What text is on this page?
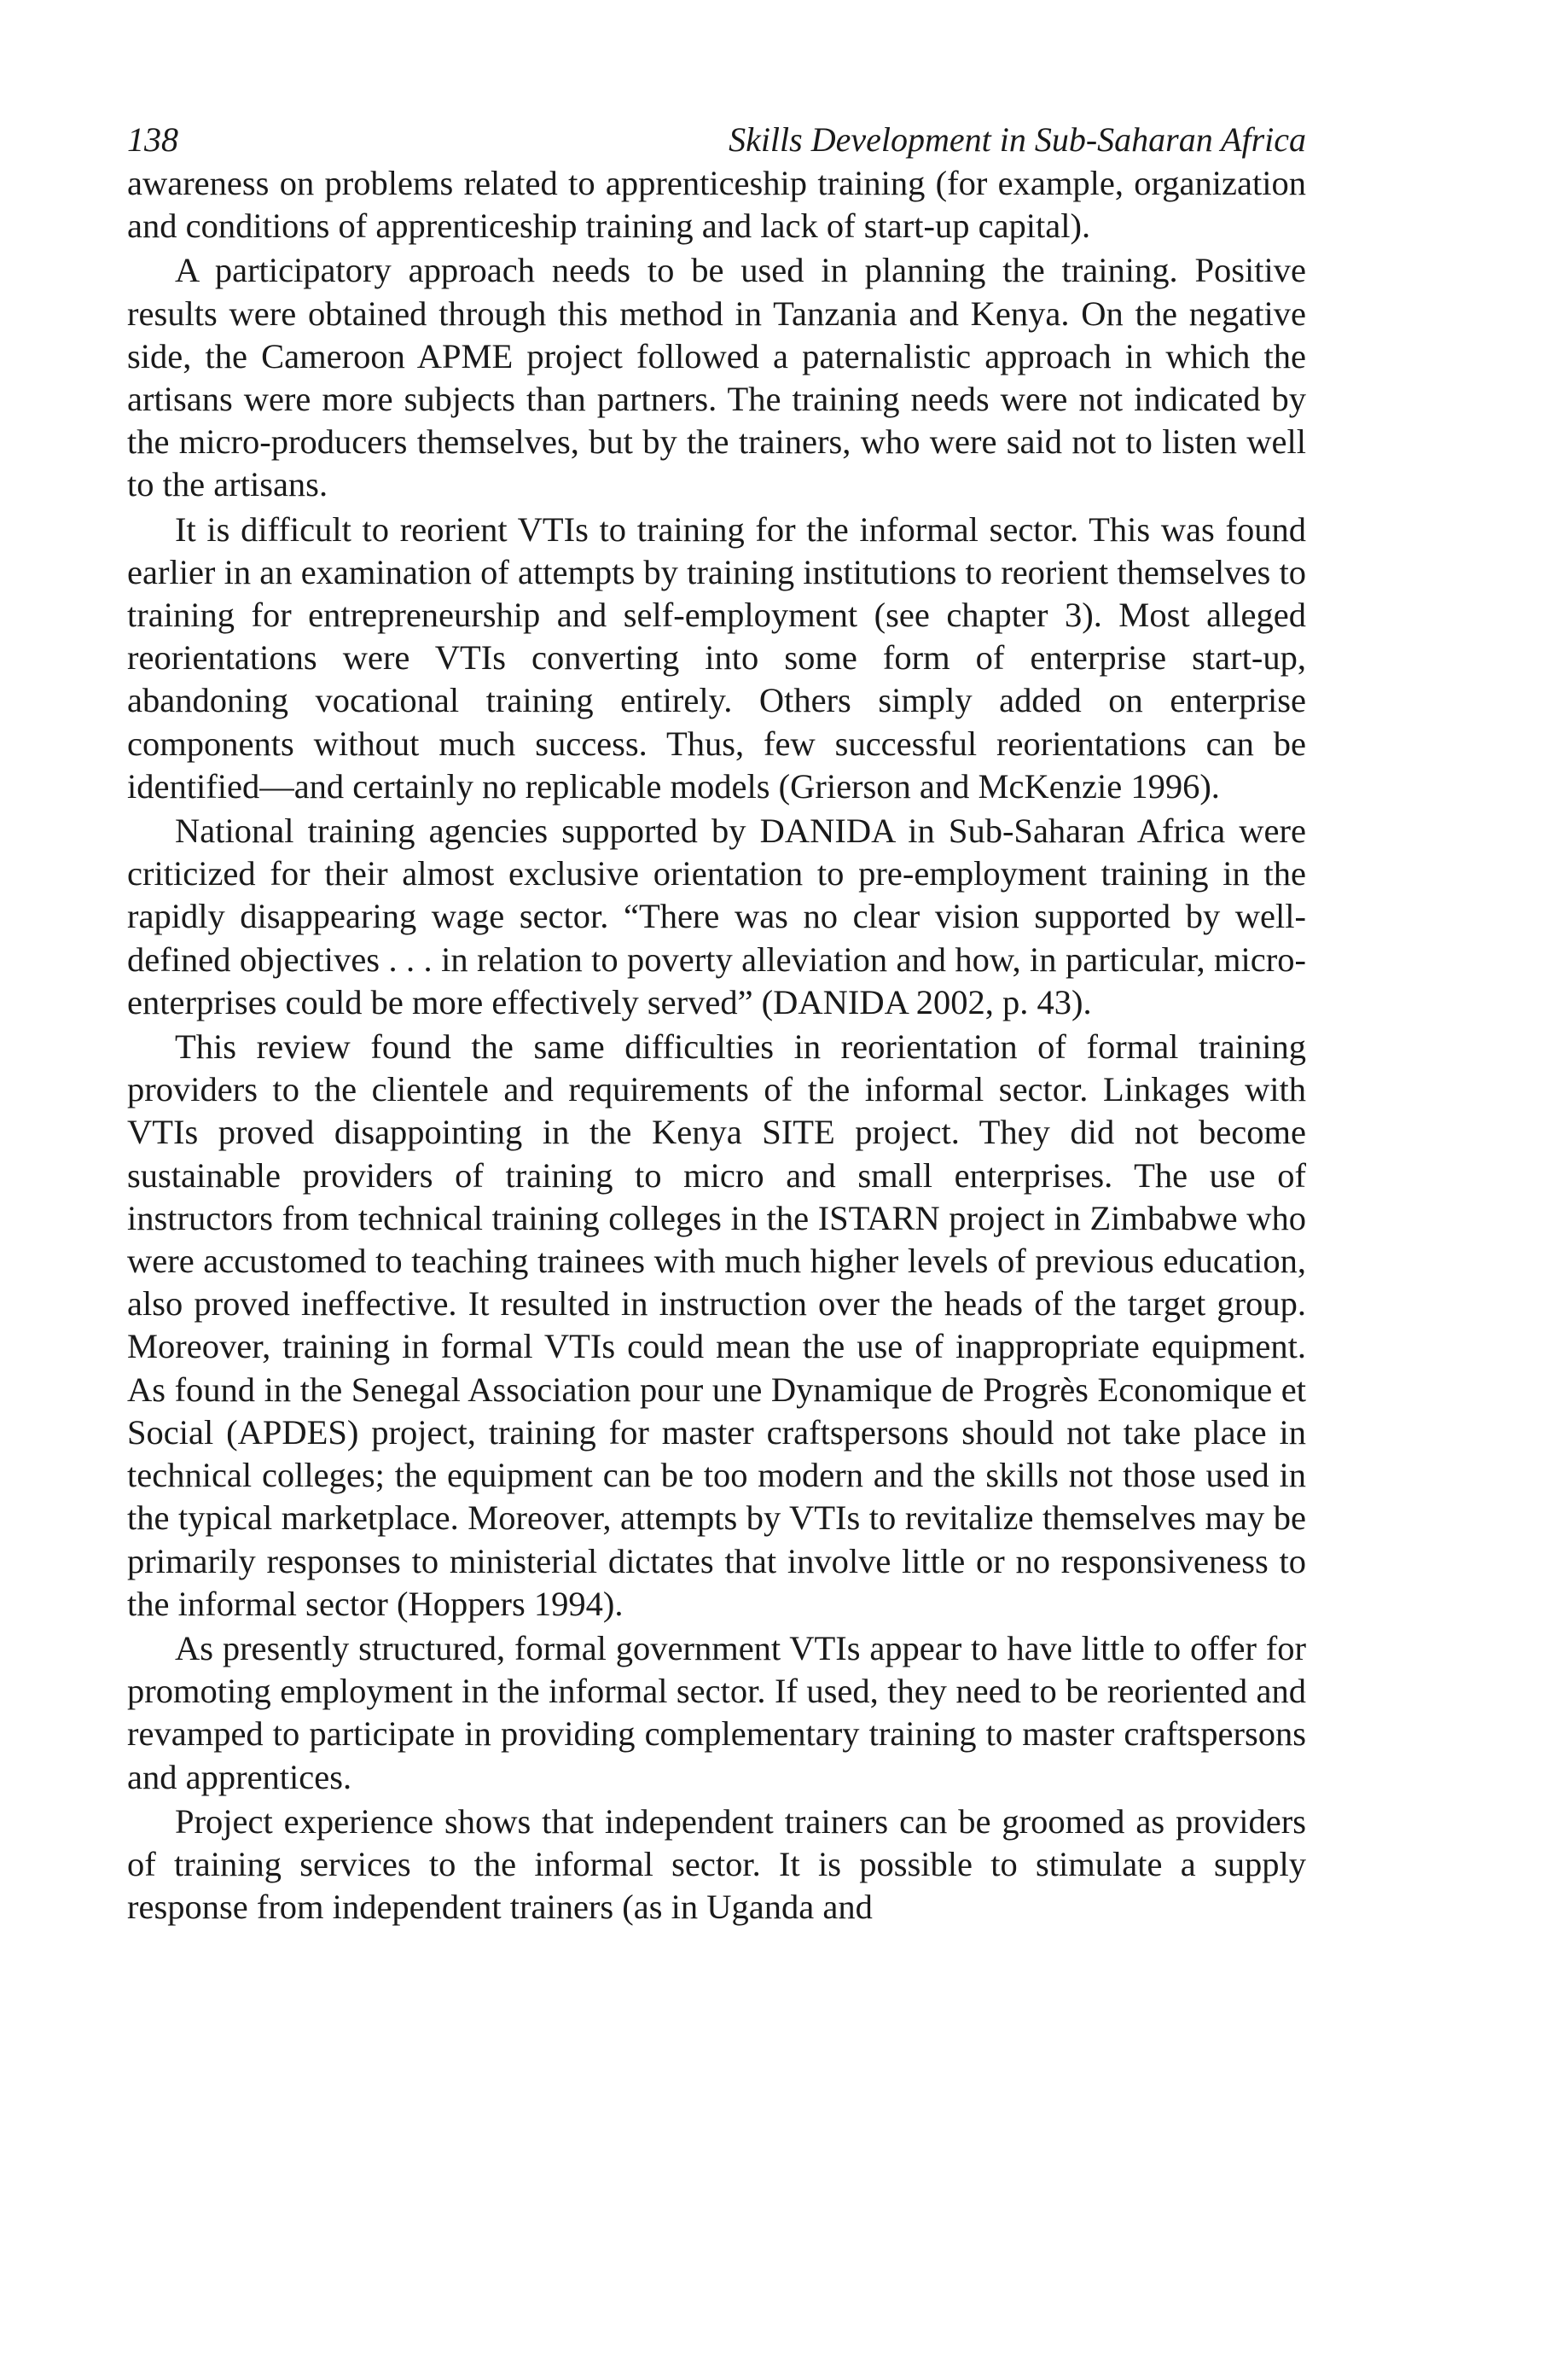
138	Skills Development in Sub-Saharan Africa

awareness on problems related to apprenticeship training (for example, organization and conditions of apprenticeship training and lack of start-up capital).

A participatory approach needs to be used in planning the training. Positive results were obtained through this method in Tanzania and Kenya. On the negative side, the Cameroon APME project followed a paternalistic approach in which the artisans were more subjects than partners. The training needs were not indicated by the micro-producers themselves, but by the trainers, who were said not to listen well to the artisans.

It is difficult to reorient VTIs to training for the informal sector. This was found earlier in an examination of attempts by training institutions to reorient themselves to training for entrepreneurship and self-employment (see chapter 3). Most alleged reorientations were VTIs converting into some form of enterprise start-up, abandoning vocational training entirely. Others simply added on enterprise components without much success. Thus, few successful reorientations can be identified—and certainly no replicable models (Grierson and McKenzie 1996).

National training agencies supported by DANIDA in Sub-Saharan Africa were criticized for their almost exclusive orientation to pre-employment training in the rapidly disappearing wage sector. “There was no clear vision supported by well-defined objectives . . . in relation to poverty alleviation and how, in particular, micro-enterprises could be more effectively served” (DANIDA 2002, p. 43).

This review found the same difficulties in reorientation of formal training providers to the clientele and requirements of the informal sector. Linkages with VTIs proved disappointing in the Kenya SITE project. They did not become sustainable providers of training to micro and small enterprises. The use of instructors from technical training colleges in the ISTARN project in Zimbabwe who were accustomed to teaching trainees with much higher levels of previous education, also proved ineffective. It resulted in instruction over the heads of the target group. Moreover, training in formal VTIs could mean the use of inappropriate equipment. As found in the Senegal Association pour une Dynamique de Progrès Economique et Social (APDES) project, training for master craftspersons should not take place in technical colleges; the equipment can be too modern and the skills not those used in the typical marketplace. Moreover, attempts by VTIs to revitalize themselves may be primarily responses to ministerial dictates that involve little or no responsiveness to the informal sector (Hoppers 1994).

As presently structured, formal government VTIs appear to have little to offer for promoting employment in the informal sector. If used, they need to be reoriented and revamped to participate in providing complementary training to master craftspersons and apprentices.

Project experience shows that independent trainers can be groomed as providers of training services to the informal sector. It is possible to stimulate a supply response from independent trainers (as in Uganda and
